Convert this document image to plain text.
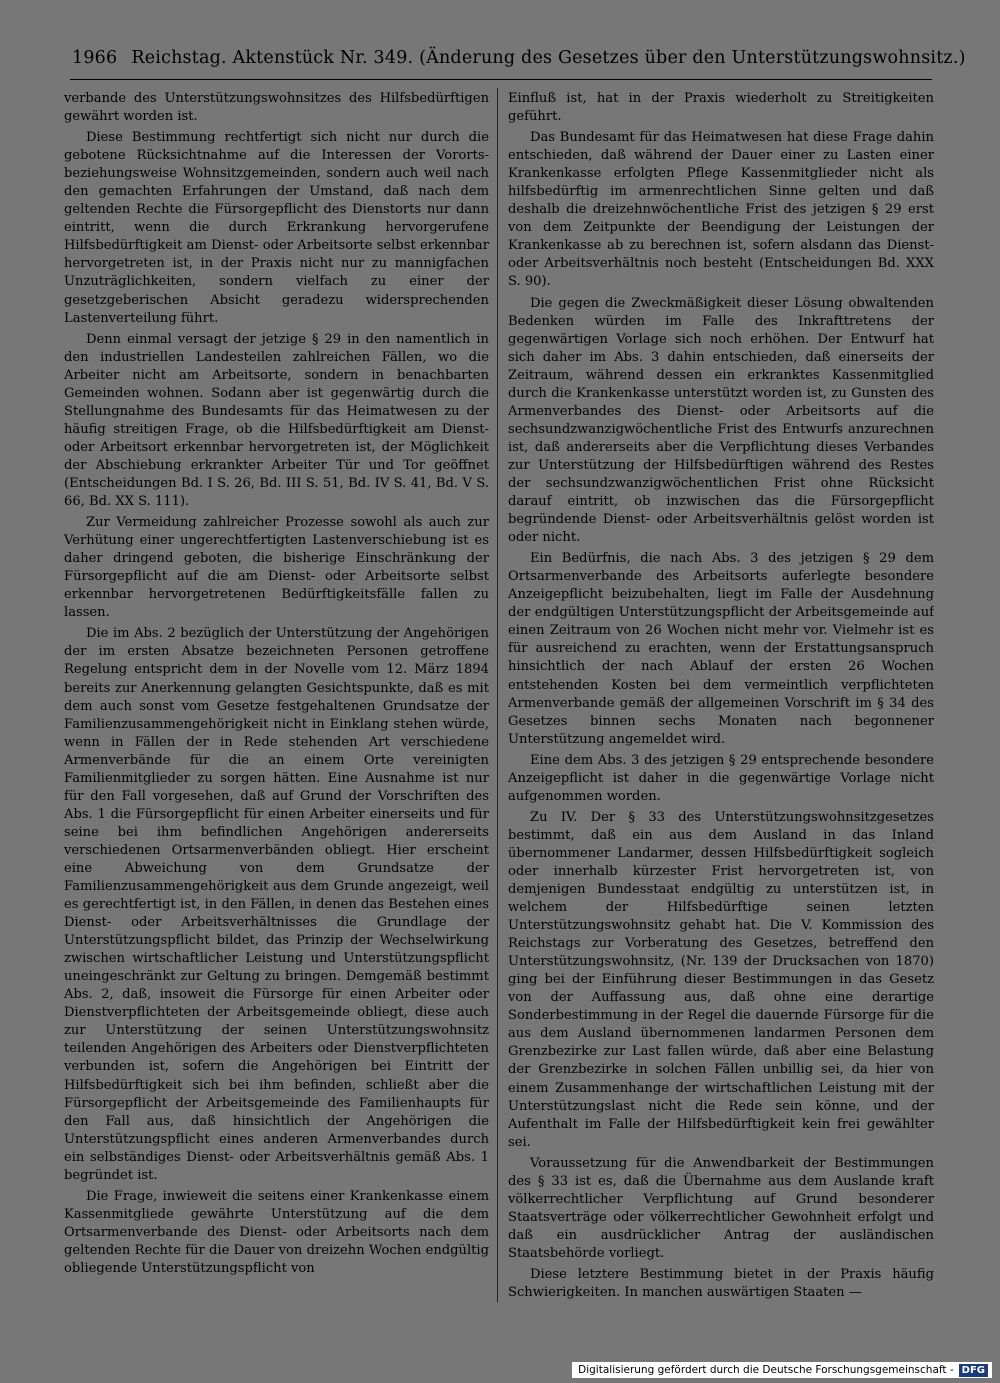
1966 Reichstag. Aktenstück Nr. 349. (Änderung des Gesetzes über den Unterstützungswohnsitz.)

verbande des Unterstützungswohnsitzes des Hilfsbedürftigen gewährt worden ist.

Diese Bestimmung rechtfertigt sich nicht nur durch die gebotene Rücksichtnahme auf die Interessen der Vororts- beziehungsweise Wohnsitzgemeinden, sondern auch weil nach den gemachten Erfahrungen der Umstand, daß nach dem geltenden Rechte die Fürsorgepflicht des Dienstorts nur dann eintritt, wenn die durch Erkrankung hervorgerufene Hilfsbedürftigkeit am Dienst- oder Arbeitsorte selbst erkennbar hervorgetreten ist, in der Praxis nicht nur zu mannigfachen Unzuträglichkeiten, sondern vielfach zu einer der gesetzgeberischen Absicht geradezu widersprechenden Lastenverteilung führt.

Denn einmal versagt der jetzige § 29 in den namentlich in den industriellen Landesteilen zahlreichen Fällen, wo die Arbeiter nicht am Arbeitsorte, sondern in benachbarten Gemeinden wohnen. Sodann aber ist gegenwärtig durch die Stellungnahme des Bundesamts für das Heimatwesen zu der häufig streitigen Frage, ob die Hilfsbedürftigkeit am Dienst- oder Arbeitsort erkennbar hervorgetreten ist, der Möglichkeit der Abschiebung erkrankter Arbeiter Tür und Tor geöffnet (Entscheidungen Bd. I S. 26, Bd. III S. 51, Bd. IV S. 41, Bd. V S. 66, Bd. XX S. 111).

Zur Vermeidung zahlreicher Prozesse sowohl als auch zur Verhütung einer ungerechtfertigten Lastenverschiebung ist es daher dringend geboten, die bisherige Einschränkung der Fürsorgepflicht auf die am Dienst- oder Arbeitsorte selbst erkennbar hervorgetretenen Bedürftigkeitsfälle fallen zu lassen.

Die im Abs. 2 bezüglich der Unterstützung der Angehörigen der im ersten Absatze bezeichneten Personen getroffene Regelung entspricht dem in der Novelle vom 12. März 1894 bereits zur Anerkennung gelangten Gesichtspunkte, daß es mit dem auch sonst vom Gesetze festgehaltenen Grundsatze der Familienzusammengehörigkeit nicht in Einklang stehen würde, wenn in Fällen der in Rede stehenden Art verschiedene Armenverbände für die an einem Orte vereinigten Familienmitglieder zu sorgen hätten. Eine Ausnahme ist nur für den Fall vorgesehen, daß auf Grund der Vorschriften des Abs. 1 die Fürsorgepflicht für einen Arbeiter einerseits und für seine bei ihm befindlichen Angehörigen andererseits verschiedenen Ortsarmenverbänden obliegt. Hier erscheint eine Abweichung von dem Grundsatze der Familienzusammengehörigkeit aus dem Grunde angezeigt, weil es gerechtfertigt ist, in den Fällen, in denen das Bestehen eines Dienst- oder Arbeitsverhältnisses die Grundlage der Unterstützungspflicht bildet, das Prinzip der Wechselwirkung zwischen wirtschaftlicher Leistung und Unterstützungspflicht uneingeschränkt zur Geltung zu bringen. Demgemäß bestimmt Abs. 2, daß, insoweit die Fürsorge für einen Arbeiter oder Dienstverpflichteten der Arbeitsgemeinde obliegt, diese auch zur Unterstützung der seinen Unterstützungswohnsitz teilenden Angehörigen des Arbeiters oder Dienstverpflichteten verbunden ist, sofern die Angehörigen bei Eintritt der Hilfsbedürftigkeit sich bei ihm befinden, schließt aber die Fürsorgepflicht der Arbeitsgemeinde des Familienhaupts für den Fall aus, daß hinsichtlich der Angehörigen die Unterstützungspflicht eines anderen Armenverbandes durch ein selbständiges Dienst- oder Arbeitsverhältnis gemäß Abs. 1 begründet ist.

Die Frage, inwieweit die seitens einer Krankenkasse einem Kassenmitgliede gewährte Unterstützung auf die dem Ortsarmenverbande des Dienst- oder Arbeitsorts nach dem geltenden Rechte für die Dauer von dreizehn Wochen endgültig obliegende Unterstützungspflicht von

Einfluß ist, hat in der Praxis wiederholt zu Streitigkeiten geführt.

Das Bundesamt für das Heimatwesen hat diese Frage dahin entschieden, daß während der Dauer einer zu Lasten einer Krankenkasse erfolgten Pflege Kassenmitglieder nicht als hilfsbedürftig im armenrechtlichen Sinne gelten und daß deshalb die dreizehnwöchentliche Frist des jetzigen § 29 erst von dem Zeitpunkte der Beendigung der Leistungen der Krankenkasse ab zu berechnen ist, sofern alsdann das Dienst- oder Arbeitsverhältnis noch besteht (Entscheidungen Bd. XXX S. 90).

Die gegen die Zweckmäßigkeit dieser Lösung obwaltenden Bedenken würden im Falle des Inkrafttretens der gegenwärtigen Vorlage sich noch erhöhen. Der Entwurf hat sich daher im Abs. 3 dahin entschieden, daß einerseits der Zeitraum, während dessen ein erkranktes Kassenmitglied durch die Krankenkasse unterstützt worden ist, zu Gunsten des Armenverbandes des Dienst- oder Arbeitsorts auf die sechsundzwanzigwöchentliche Frist des Entwurfs anzurechnen ist, daß andererseits aber die Verpflichtung dieses Verbandes zur Unterstützung der Hilfsbedürftigen während des Restes der sechsundzwanzigwöchentlichen Frist ohne Rücksicht darauf eintritt, ob inzwischen das die Fürsorgepflicht begründende Dienst- oder Arbeitsverhältnis gelöst worden ist oder nicht.

Ein Bedürfnis, die nach Abs. 3 des jetzigen § 29 dem Ortsarmenverbande des Arbeitsorts auferlegte besondere Anzeigepflicht beizubehalten, liegt im Falle der Ausdehnung der endgültigen Unterstützungspflicht der Arbeitsgemeinde auf einen Zeitraum von 26 Wochen nicht mehr vor. Vielmehr ist es für ausreichend zu erachten, wenn der Erstattungsanspruch hinsichtlich der nach Ablauf der ersten 26 Wochen entstehenden Kosten bei dem vermeintlich verpflichteten Armenverbande gemäß der allgemeinen Vorschrift im § 34 des Gesetzes binnen sechs Monaten nach begonnener Unterstützung angemeldet wird.

Eine dem Abs. 3 des jetzigen § 29 entsprechende besondere Anzeigepflicht ist daher in die gegenwärtige Vorlage nicht aufgenommen worden.

Zu IV. Der § 33 des Unterstützungswohnsitzgesetzes bestimmt, daß ein aus dem Ausland in das Inland übernommener Landarmer, dessen Hilfsbedürftigkeit sogleich oder innerhalb kürzester Frist hervorgetreten ist, von demjenigen Bundesstaat endgültig zu unterstützen ist, in welchem der Hilfsbedürftige seinen letzten Unterstützungswohnsitz gehabt hat. Die V. Kommission des Reichstags zur Vorberatung des Gesetzes, betreffend den Unterstützungswohnsitz, (Nr. 139 der Drucksachen von 1870) ging bei der Einführung dieser Bestimmungen in das Gesetz von der Auffassung aus, daß ohne eine derartige Sonderbestimmung in der Regel die dauernde Fürsorge für die aus dem Ausland übernommenen landarmen Personen dem Grenzbezirke zur Last fallen würde, daß aber eine Belastung der Grenzbezirke in solchen Fällen unbillig sei, da hier von einem Zusammenhange der wirtschaftlichen Leistung mit der Unterstützungslast nicht die Rede sein könne, und der Aufenthalt im Falle der Hilfsbedürftigkeit kein frei gewählter sei.

Voraussetzung für die Anwendbarkeit der Bestimmungen des § 33 ist es, daß die Übernahme aus dem Auslande kraft völkerrechtlicher Verpflichtung auf Grund besonderer Staatsverträge oder völkerrechtlicher Gewohnheit erfolgt und daß ein ausdrücklicher Antrag der ausländischen Staatsbehörde vorliegt.

Diese letztere Bestimmung bietet in der Praxis häufig Schwierigkeiten. In manchen auswärtigen Staaten —

Digitalisierung gefördert durch die Deutsche Forschungsgemeinschaft - DFG
